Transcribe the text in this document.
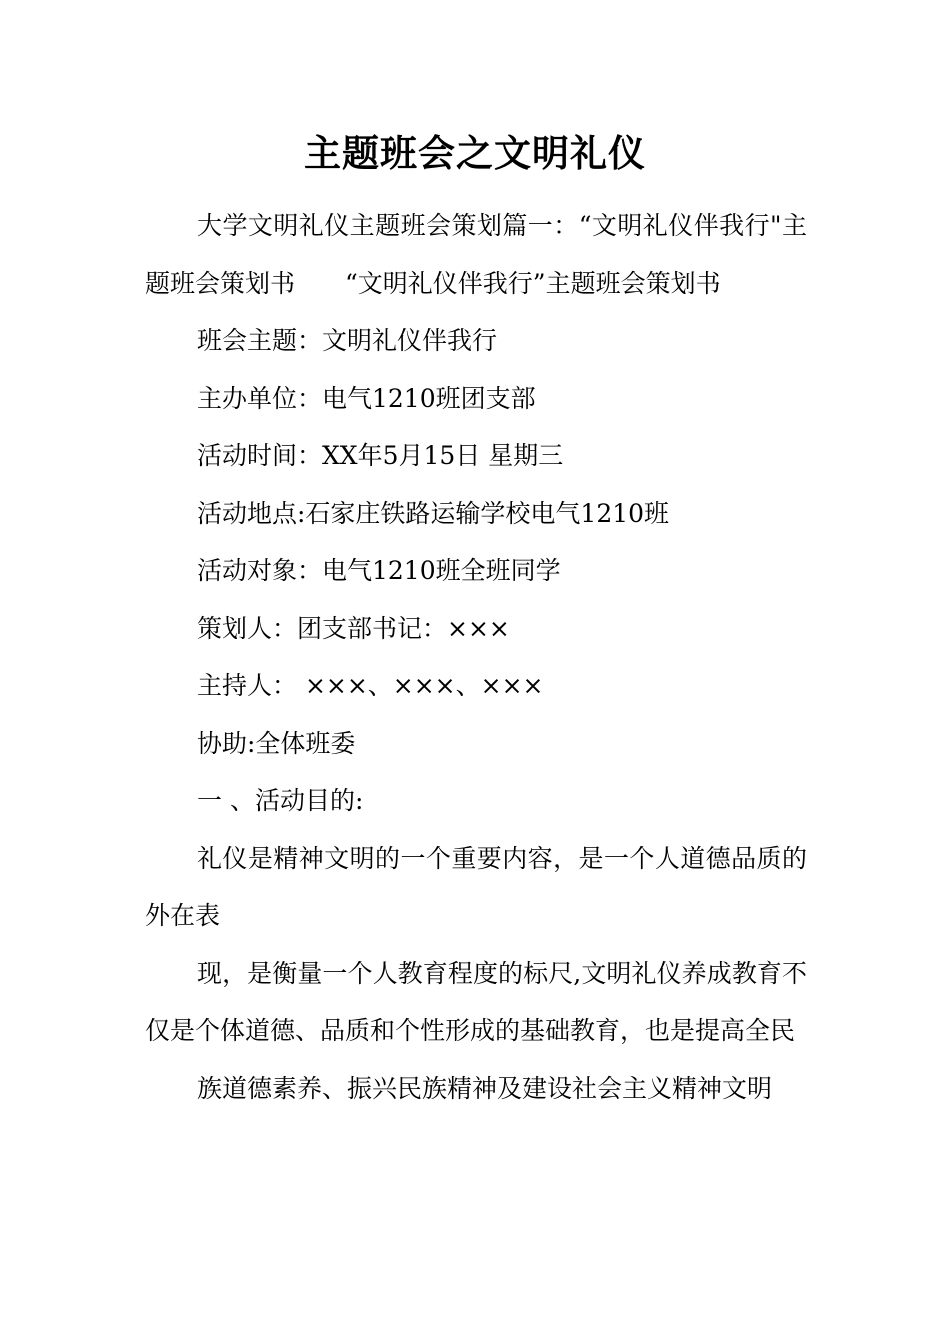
主题班会之文明礼仪

大学文明礼仪主题班会策划篇一：“文明礼仪伴我行"主题班会策划书　　“文明礼仪伴我行”主题班会策划书

班会主题：文明礼仪伴我行

主办单位：电气1210班团支部

活动时间：XX年5月15日 星期三

活动地点:石家庄铁路运输学校电气1210班

活动对象：电气1210班全班同学

策划人：团支部书记：×××

主持人： ×××、×××、×××

协助:全体班委

一 、活动目的:

礼仪是精神文明的一个重要内容，是一个人道德品质的外在表

现，是衡量一个人教育程度的标尺,文明礼仪养成教育不仅是个体道德、品质和个性形成的基础教育，也是提高全民

族道德素养、振兴民族精神及建设社会主义精神文明
